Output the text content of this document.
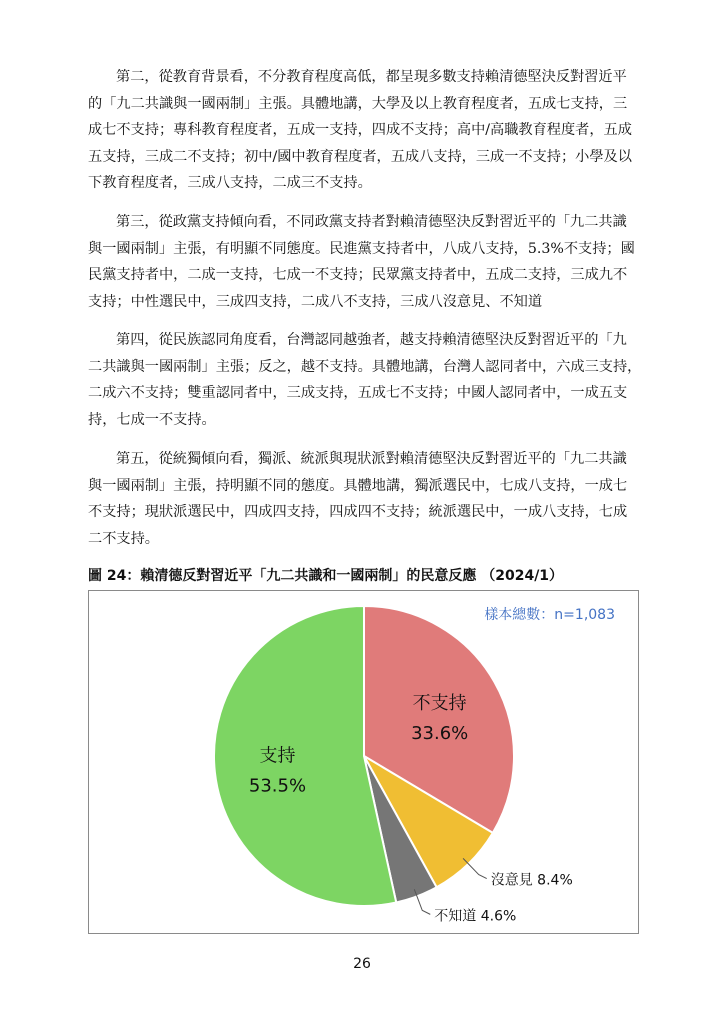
第二，從教育背景看，不分教育程度高低，都呈現多數支持賴清德堅決反對習近平
的「九二共識與一國兩制」主張。具體地講，大學及以上教育程度者，五成七支持，三
成七不支持；專科教育程度者，五成一支持，四成不支持；高中/高職教育程度者，五成
五支持，三成二不支持；初中/國中教育程度者，五成八支持，三成一不支持；小學及以
下教育程度者，三成八支持，二成三不支持。
第三，從政黨支持傾向看，不同政黨支持者對賴清德堅決反對習近平的「九二共識
與一國兩制」主張，有明顯不同態度。民進黨支持者中，八成八支持，5.3%不支持；國
民黨支持者中，二成一支持，七成一不支持；民眾黨支持者中，五成二支持，三成九不
支持；中性選民中，三成四支持，二成八不支持，三成八沒意見、不知道
第四，從民族認同角度看，台灣認同越強者，越支持賴清德堅決反對習近平的「九
二共識與一國兩制」主張；反之，越不支持。具體地講，台灣人認同者中，六成三支持，
二成六不支持；雙重認同者中，三成支持，五成七不支持；中國人認同者中，一成五支
持，七成一不支持。
第五，從統獨傾向看，獨派、統派與現狀派對賴清德堅決反對習近平的「九二共識
與一國兩制」主張，持明顯不同的態度。具體地講，獨派選民中，七成八支持，一成七
不支持；現狀派選民中，四成四支持，四成四不支持；統派選民中，一成八支持，七成
二不支持。
圖 24：賴清德反對習近平「九二共識和一國兩制」的民意反應 （2024/1）
樣本總數：n=1,083
不支持
33.6%
沒意見 8.4%
不知道 4.6%
支持
53.5%
26
